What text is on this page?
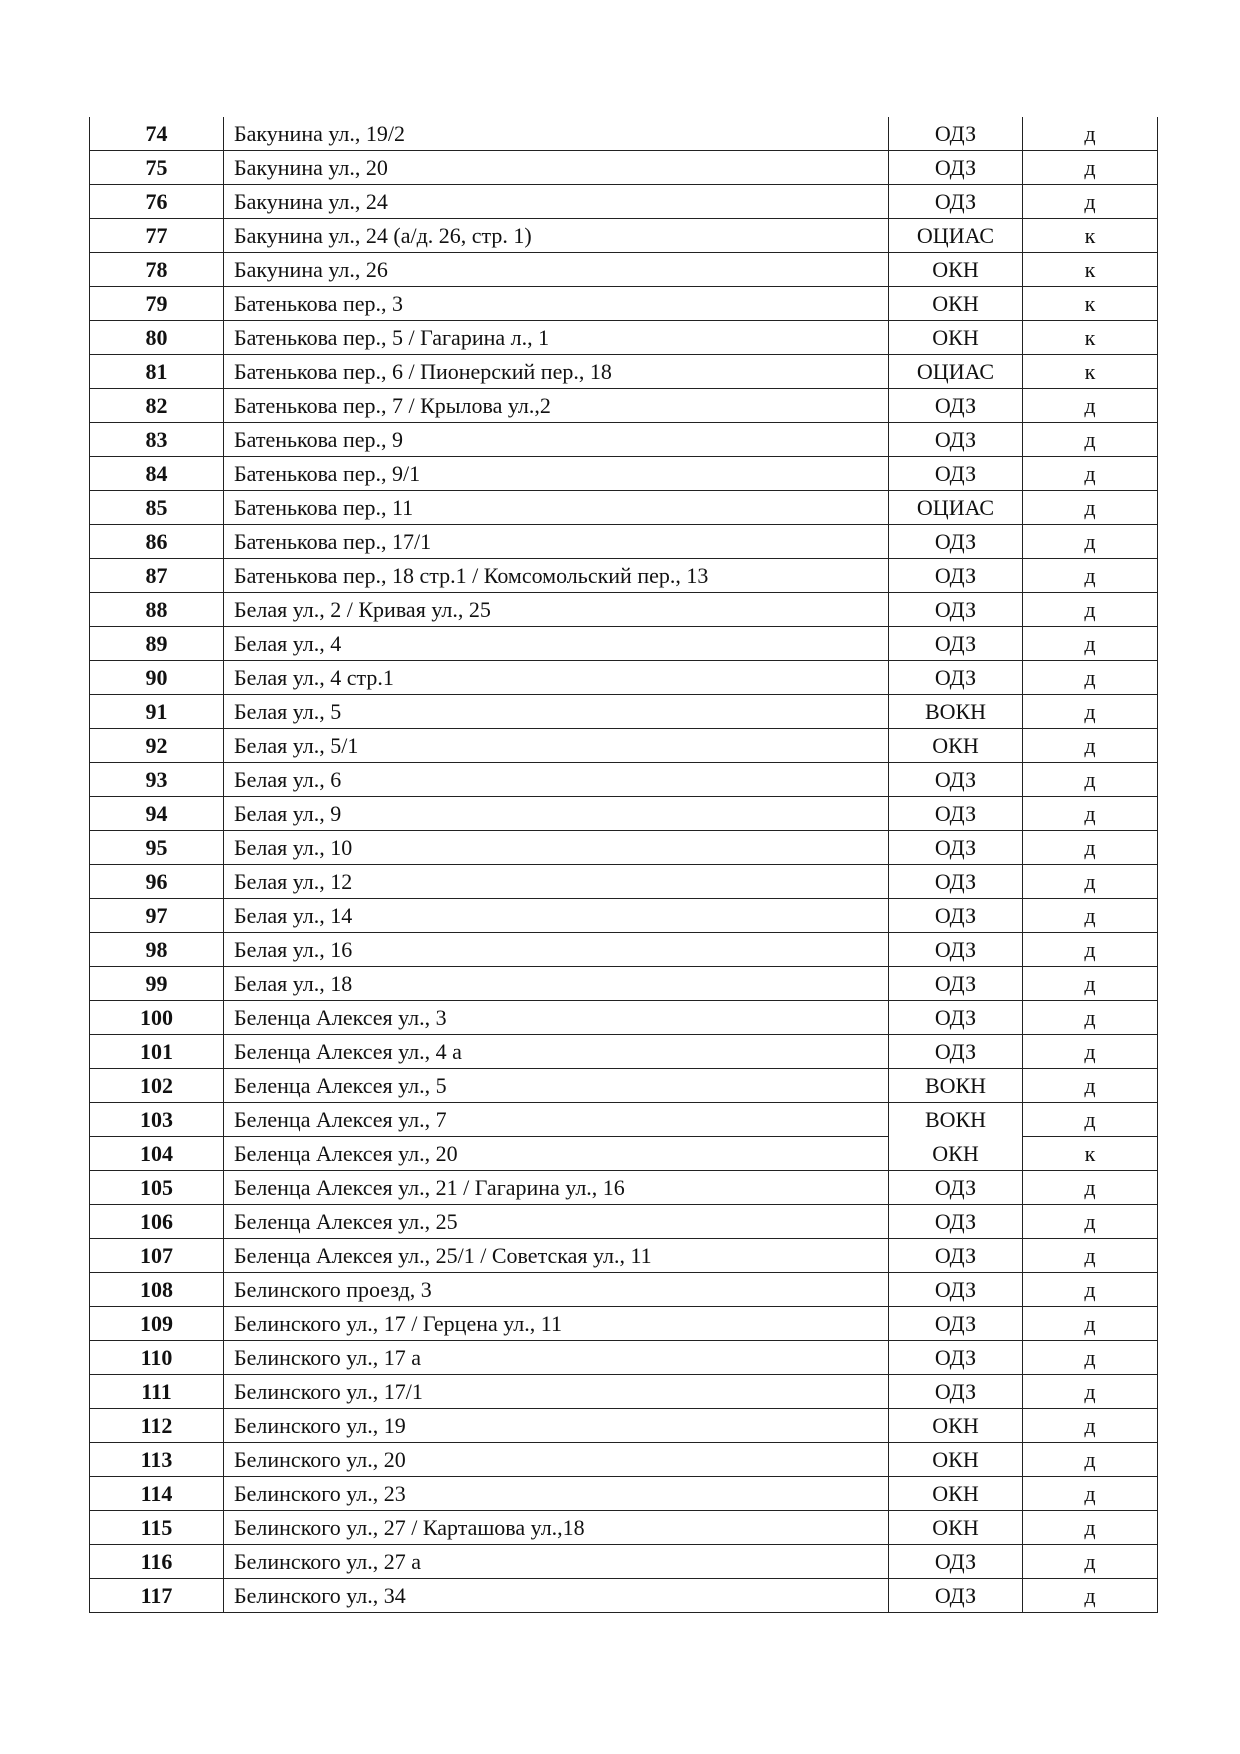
74	Бакунина ул., 19/2	ОДЗ	д
75	Бакунина ул., 20	ОДЗ	д
76	Бакунина ул., 24	ОДЗ	д
77	Бакунина ул., 24 (а/д. 26, стр. 1)	ОЦИАС	к
78	Бакунина ул., 26	ОКН	к
79	Батенькова пер., 3	ОКН	к
80	Батенькова пер., 5 / Гагарина л., 1	ОКН	к
81	Батенькова пер., 6 / Пионерский пер., 18	ОЦИАС	к
82	Батенькова пер., 7 / Крылова ул.,2	ОДЗ	д
83	Батенькова пер., 9	ОДЗ	д
84	Батенькова пер., 9/1	ОДЗ	д
85	Батенькова пер., 11	ОЦИАС	д
86	Батенькова пер., 17/1	ОДЗ	д
87	Батенькова пер., 18 стр.1 / Комсомольский пер., 13	ОДЗ	д
88	Белая ул., 2 / Кривая ул., 25	ОДЗ	д
89	Белая ул., 4	ОДЗ	д
90	Белая ул., 4 стр.1	ОДЗ	д
91	Белая ул., 5	ВОКН	д
92	Белая ул., 5/1	ОКН	д
93	Белая ул., 6	ОДЗ	д
94	Белая ул., 9	ОДЗ	д
95	Белая ул., 10	ОДЗ	д
96	Белая ул., 12	ОДЗ	д
97	Белая ул., 14	ОДЗ	д
98	Белая ул., 16	ОДЗ	д
99	Белая ул., 18	ОДЗ	д
100	Беленца Алексея ул., 3	ОДЗ	д
101	Беленца Алексея ул., 4 а	ОДЗ	д
102	Беленца Алексея ул., 5	ВОКН	д
103	Беленца Алексея ул., 7	ВОКН	д
104	Беленца Алексея ул., 20	ОКН	к
105	Беленца Алексея ул., 21 / Гагарина ул., 16	ОДЗ	д
106	Беленца Алексея ул., 25	ОДЗ	д
107	Беленца Алексея ул., 25/1 / Советская ул., 11	ОДЗ	д
108	Белинского проезд, 3	ОДЗ	д
109	Белинского ул., 17 / Герцена ул., 11	ОДЗ	д
110	Белинского ул., 17 а	ОДЗ	д
111	Белинского ул., 17/1	ОДЗ	д
112	Белинского ул., 19	ОКН	д
113	Белинского ул., 20	ОКН	д
114	Белинского ул., 23	ОКН	д
115	Белинского ул., 27 / Карташова ул.,18	ОКН	д
116	Белинского ул., 27 а	ОДЗ	д
117	Белинского ул., 34	ОДЗ	д
